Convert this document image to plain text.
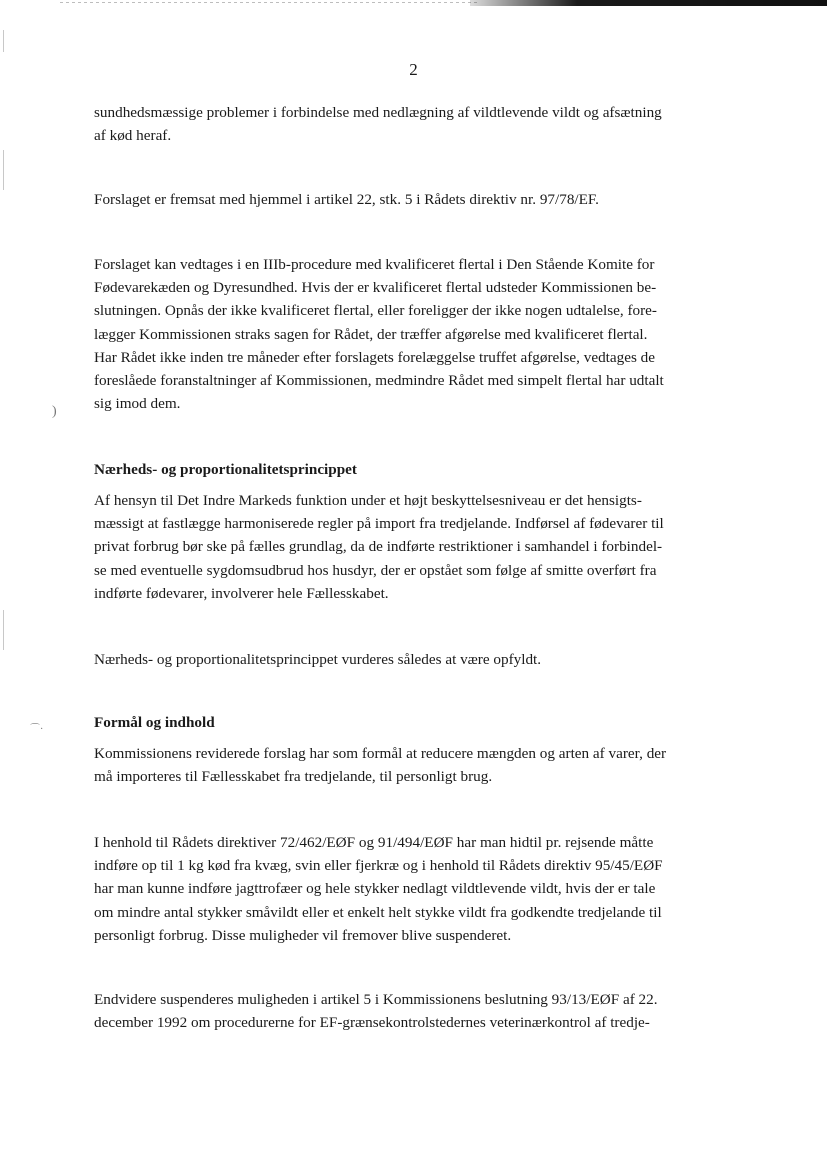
)
⌒·
2
sundhedsmæssige problemer i forbindelse med nedlægning af vildtlevende vildt og afsætning
af kød heraf.
Forslaget er fremsat med hjemmel i artikel 22, stk. 5 i Rådets direktiv nr. 97/78/EF.
Forslaget kan vedtages i en IIIb-procedure med kvalificeret flertal i Den Stående Komite for
Fødevarekæden og Dyresundhed. Hvis der er kvalificeret flertal udsteder Kommissionen be-
slutningen. Opnås der ikke kvalificeret flertal, eller foreligger der ikke nogen udtalelse, fore-
lægger Kommissionen straks sagen for Rådet, der træffer afgørelse med kvalificeret flertal.
Har Rådet ikke inden tre måneder efter forslagets forelæggelse truffet afgørelse, vedtages de
foreslåede foranstaltninger af Kommissionen, medmindre Rådet med simpelt flertal har udtalt
sig imod dem.
Nærheds- og proportionalitetsprincippet
Af hensyn til Det Indre Markeds funktion under et højt beskyttelsesniveau er det hensigts-
mæssigt at fastlægge harmoniserede regler på import fra tredjelande. Indførsel af fødevarer til
privat forbrug bør ske på fælles grundlag, da de indførte restriktioner i samhandel i forbindel-
se med eventuelle sygdomsudbrud hos husdyr, der er opstået som følge af smitte overført fra
indførte fødevarer, involverer hele Fællesskabet.
Nærheds- og proportionalitetsprincippet vurderes således at være opfyldt.
Formål og indhold
Kommissionens reviderede forslag har som formål at reducere mængden og arten af varer, der
må importeres til Fællesskabet fra tredjelande, til personligt brug.
I henhold til Rådets direktiver 72/462/EØF og 91/494/EØF har man hidtil pr. rejsende måtte
indføre op til 1 kg kød fra kvæg, svin eller fjerkræ og i henhold til Rådets direktiv 95/45/EØF
har man kunne indføre jagttrofæer og hele stykker nedlagt vildtlevende vildt, hvis der er tale
om mindre antal stykker småvildt eller et enkelt helt stykke vildt fra godkendte tredjelande til
personligt forbrug. Disse muligheder vil fremover blive suspenderet.
Endvidere suspenderes muligheden i artikel 5 i Kommissionens beslutning 93/13/EØF af 22.
december 1992 om procedurerne for EF-grænsekontrolstedernes veterinærkontrol af tredje-
